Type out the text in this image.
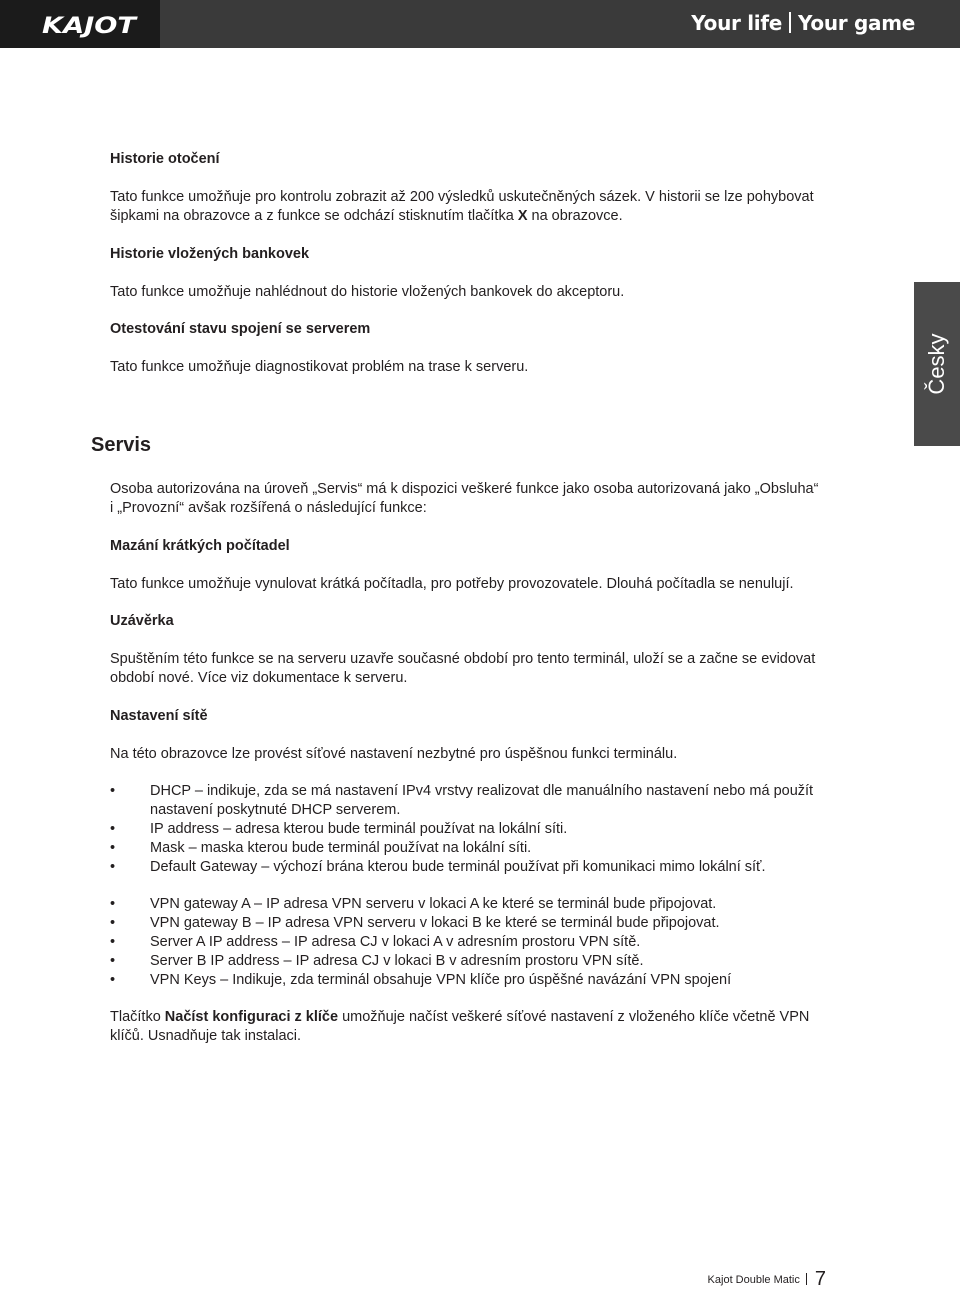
KAJOT	Your life Your game
Česky

Historie otočení

Tato funkce umožňuje pro kontrolu zobrazit až 200 výsledků uskutečněných sázek. V historii se lze pohybovat

šipkami na obrazovce a z funkce se odchází stisknutím tlačítka X na obrazovce.

Historie vložených bankovek

Tato funkce umožňuje nahlédnout do historie vložených bankovek do akceptoru.

Otestování stavu spojení se serverem

Tato funkce umožňuje diagnostikovat problém na trase k serveru.

Servis

Osoba autorizována na úroveň „Servis“ má k dispozici veškeré funkce jako osoba autorizovaná jako „Obsluha“

i „Provozní“ avšak rozšířená o následující funkce:

Mazání krátkých počítadel

Tato funkce umožňuje vynulovat krátká počítadla, pro potřeby provozovatele. Dlouhá počítadla se nenulují.

Uzávěrka

Spuštěním této funkce se na serveru uzavře současné období pro tento terminál, uloží se a začne se evidovat

období nové. Více viz dokumentace k serveru.

Nastavení sítě

Na této obrazovce lze provést síťové nastavení nezbytné pro úspěšnou funkci terminálu.

• DHCP – indikuje, zda se má nastavení IPv4 vrstvy realizovat dle manuálního nastavení nebo má použít
nastavení poskytnuté DHCP serverem.
• IP address – adresa kterou bude terminál používat na lokální síti.
• Mask – maska kterou bude terminál používat na lokální síti.
• Default Gateway – výchozí brána kterou bude terminál používat při komunikaci mimo lokální síť.
• VPN gateway A – IP adresa VPN serveru v lokaci A ke které se terminál bude připojovat.
• VPN gateway B – IP adresa VPN serveru v lokaci B ke které se terminál bude připojovat.
• Server A IP address – IP adresa CJ v lokaci A v adresním prostoru VPN sítě.
• Server B IP address – IP adresa CJ v lokaci B v adresním prostoru VPN sítě.
• VPN Keys – Indikuje, zda terminál obsahuje VPN klíče pro úspěšné navázání VPN spojení

Tlačítko Načíst konfiguraci z klíče umožňuje načíst veškeré síťové nastavení z vloženého klíče včetně VPN

klíčů. Usnadňuje tak instalaci.

Kajot Double Matic 7
